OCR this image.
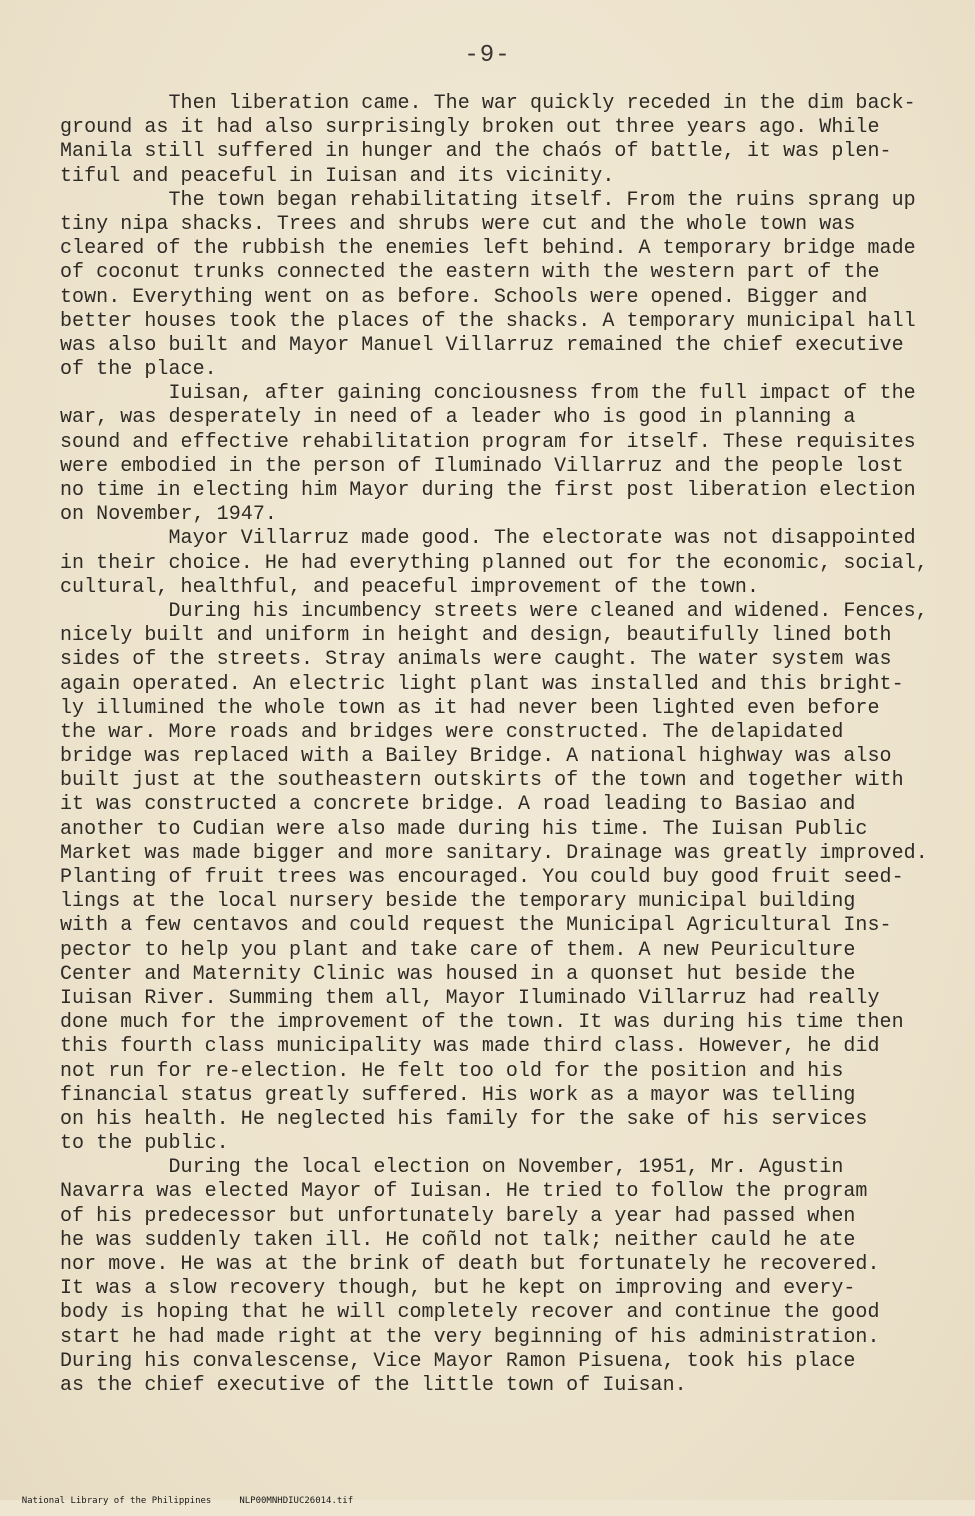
-9-
Then liberation came. The war quickly receded in the dim back-
ground as it had also surprisingly broken out three years ago. While
Manila still suffered in hunger and the chaós of battle, it was plen-
tiful and peaceful in Iuisan and its vicinity.
The town began rehabilitating itself. From the ruins sprang up
tiny nipa shacks. Trees and shrubs were cut and the whole town was
cleared of the rubbish the enemies left behind. A temporary bridge made
of coconut trunks connected the eastern with the western part of the
town. Everything went on as before. Schools were opened. Bigger and
better houses took the places of the shacks. A temporary municipal hall
was also built and Mayor Manuel Villarruz remained the chief executive
of the place.
Iuisan, after gaining conciousness from the full impact of the
war, was desperately in need of a leader who is good in planning a
sound and effective rehabilitation program for itself. These requisites
were embodied in the person of Iluminado Villarruz and the people lost
no time in electing him Mayor during the first post liberation election
on November, 1947.
Mayor Villarruz made good. The electorate was not disappointed
in their choice. He had everything planned out for the economic, social,
cultural, healthful, and peaceful improvement of the town.
During his incumbency streets were cleaned and widened. Fences,
nicely built and uniform in height and design, beautifully lined both
sides of the streets. Stray animals were caught. The water system was
again operated. An electric light plant was installed and this bright-
ly illumined the whole town as it had never been lighted even before
the war. More roads and bridges were constructed. The delapidated
bridge was replaced with a Bailey Bridge. A national highway was also
built just at the southeastern outskirts of the town and together with
it was constructed a concrete bridge. A road leading to Basiao and
another to Cudian were also made during his time. The Iuisan Public
Market was made bigger and more sanitary. Drainage was greatly improved.
Planting of fruit trees was encouraged. You could buy good fruit seed-
lings at the local nursery beside the temporary municipal building
with a few centavos and could request the Municipal Agricultural Ins-
pector to help you plant and take care of them. A new Peuriculture
Center and Maternity Clinic was housed in a quonset hut beside the
Iuisan River. Summing them all, Mayor Iluminado Villarruz had really
done much for the improvement of the town. It was during his time then
this fourth class municipality was made third class. However, he did
not run for re-election. He felt too old for the position and his
financial status greatly suffered. His work as a mayor was telling
on his health. He neglected his family for the sake of his services
to the public.
During the local election on November, 1951, Mr. Agustin
Navarra was elected Mayor of Iuisan. He tried to follow the program
of his predecessor but unfortunately barely a year had passed when
he was suddenly taken ill. He coñld not talk; neither cauld he ate
nor move. He was at the brink of death but fortunately he recovered.
It was a slow recovery though, but he kept on improving and every-
body is hoping that he will completely recover and continue the good
start he had made right at the very beginning of his administration.
During his convalescense, Vice Mayor Ramon Pisuena, took his place
as the chief executive of the little town of Iuisan.

National Library of the Philippines	NLP00MNHDIUC26014.tif
